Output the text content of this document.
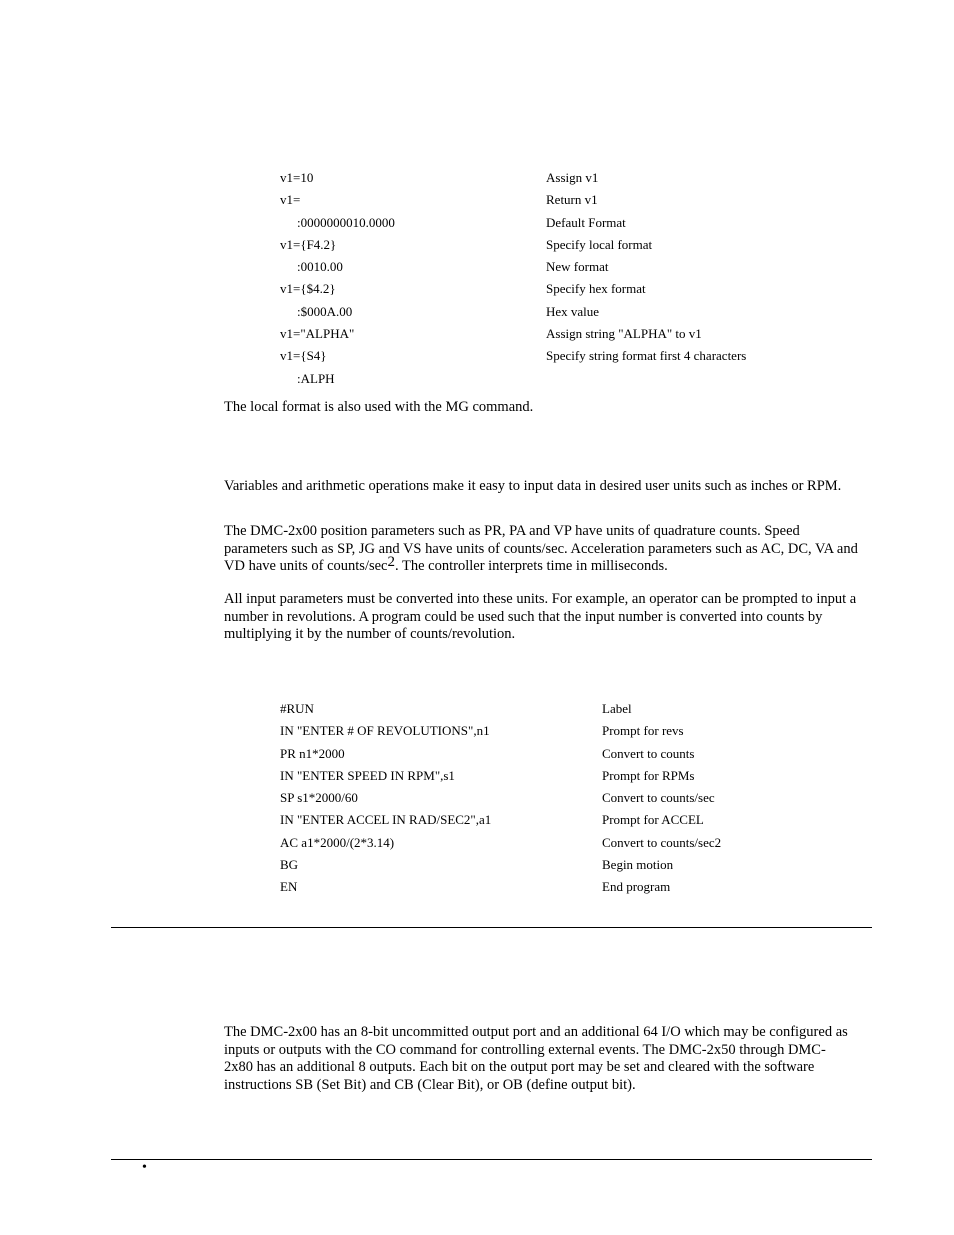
v1=10	Assign v1
v1=	Return v1
:0000000010.0000	Default Format
v1={F4.2}	Specify local format
:0010.00	New format
v1={$4.2}	Specify hex format
:$000A.00	Hex value
v1="ALPHA"	Assign string "ALPHA" to v1
v1={S4}	Specify string format first 4 characters
:ALPH

The local format is also used with the MG command.

Variables and arithmetic operations make it easy to input data in desired user units such as inches or RPM.

The DMC-2x00 position parameters such as PR, PA and VP have units of quadrature counts. Speed parameters such as SP, JG and VS have units of counts/sec. Acceleration parameters such as AC, DC, VA and VD have units of counts/$\sec^2$. The controller interprets time in milliseconds.

All input parameters must be converted into these units. For example, an operator can be prompted to input a number in revolutions. A program could be used such that the input number is converted into counts by multiplying it by the number of counts/revolution.

#RUN	Label
IN "ENTER # OF REVOLUTIONS",n1	Prompt for revs
PR n1*2000	Convert to counts
IN "ENTER SPEED IN RPM",s1	Prompt for RPMs
SP s1*2000/60	Convert to counts/sec
IN "ENTER ACCEL IN RAD/SEC2",a1	Prompt for ACCEL
AC a1*2000/(2*3.14)	Convert to counts/sec2
BG	Begin motion
EN	End program

The DMC-2x00 has an 8-bit uncommitted output port and an additional 64 I/O which may be configured as inputs or outputs with the CO command for controlling external events. The DMC-2x50 through DMC-2x80 has an additional 8 outputs. Each bit on the output port may be set and cleared with the software instructions SB (Set Bit) and CB (Clear Bit), or OB (define output bit).

•
